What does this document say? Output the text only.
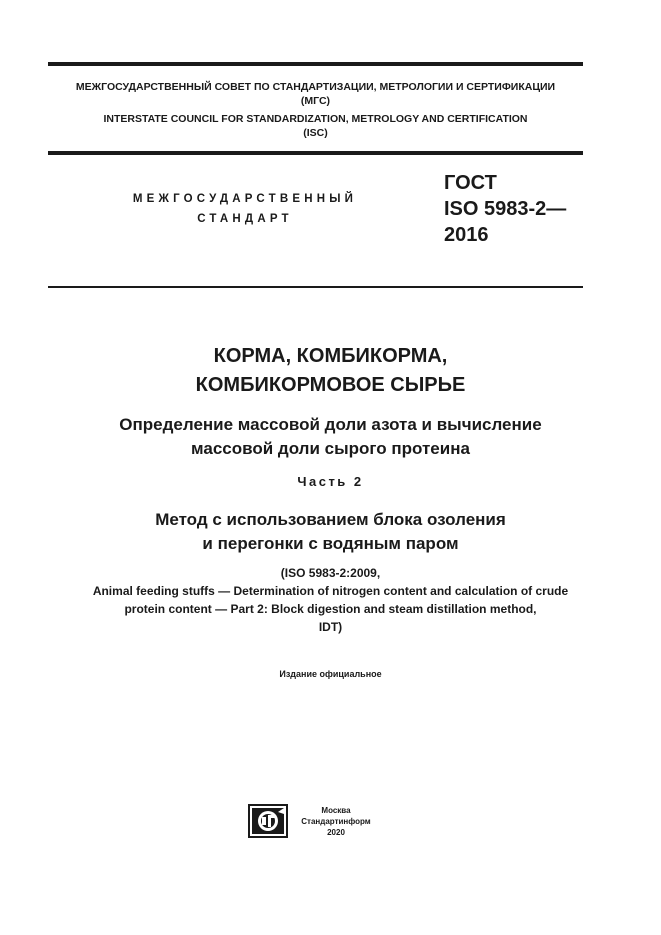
МЕЖГОСУДАРСТВЕННЫЙ СОВЕТ ПО СТАНДАРТИЗАЦИИ, МЕТРОЛОГИИ И СЕРТИФИКАЦИИ

(МГС)

INTERSTATE COUNCIL FOR STANDARDIZATION, METROLOGY AND CERTIFICATION

(ISC)

МЕЖГОСУДАРСТВЕННЫЙ

СТАНДАРТ

ГОСТ
ISO 5983-2—
2016
КОРМА, КОМБИКОРМА,
КОМБИКОРМОВОЕ СЫРЬЕ
Определение массовой доли азота и вычисление
массовой доли сырого протеина

Часть 2

Метод с использованием блока озоления
и перегонки с водяным паром
(ISO 5983-2:2009,
Animal feeding stuffs — Determination of nitrogen content and calculation of crude
protein content — Part 2: Block digestion and steam distillation method,
IDT)

Издание официальное

Москва
Стандартинформ
2020
